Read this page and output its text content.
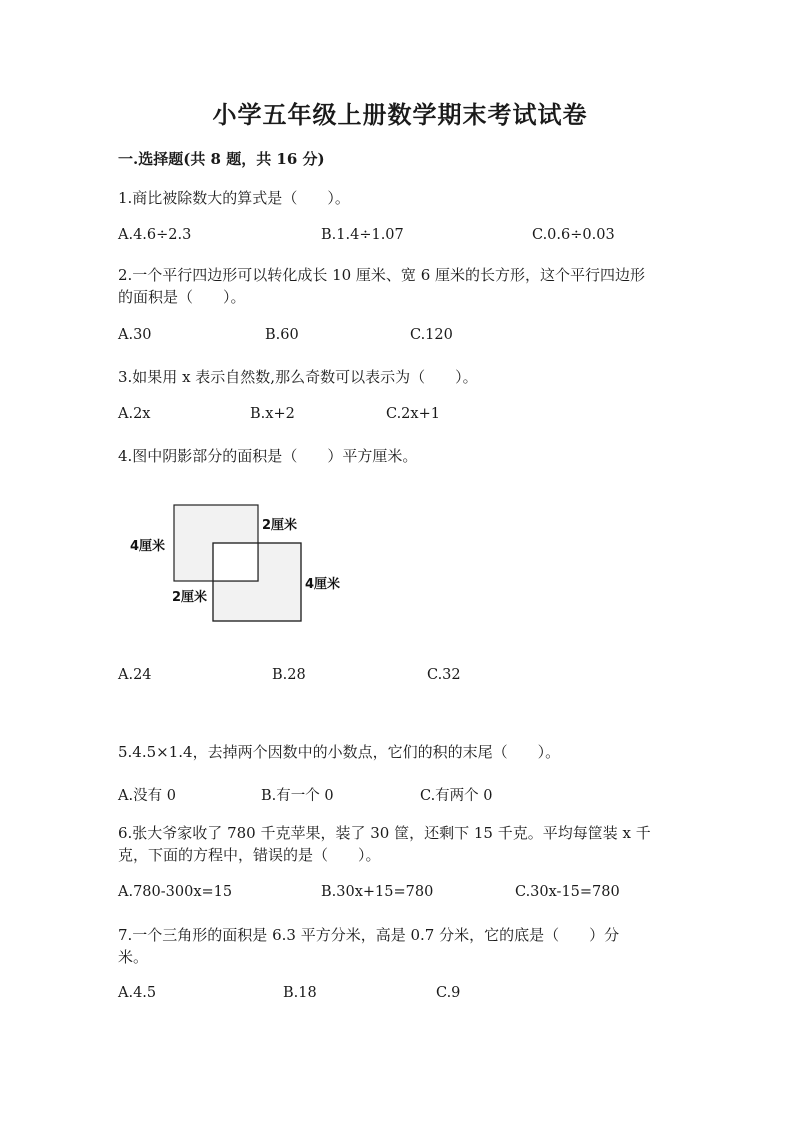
小学五年级上册数学期末考试试卷
一.选择题(共 8 题，共 16 分)
1.商比被除数大的算式是（　　）。
A.4.6÷2.3	B.1.4÷1.07	C.0.6÷0.03
2.一个平行四边形可以转化成长 10 厘米、宽 6 厘米的长方形，这个平行四边形
的面积是（　　）。
A.30	B.60	C.120
3.如果用 x 表示自然数,那么奇数可以表示为（　　）。
A.2x	B.x+2	C.2x+1
4.图中阴影部分的面积是（　　）平方厘米。
4厘米
2厘米
2厘米
4厘米
A.24	B.28	C.32
5.4.5×1.4，去掉两个因数中的小数点，它们的积的末尾（　　）。
A.没有 0	B.有一个 0	C.有两个 0
6.张大爷家收了 780 千克苹果，装了 30 筐，还剩下 15 千克。平均每筐装 x 千
克，下面的方程中，错误的是（　　）。
A.780-300x=15	B.30x+15=780	C.30x-15=780
7.一个三角形的面积是 6.3 平方分米，高是 0.7 分米，它的底是（　　）分
米。
A.4.5	B.18	C.9
